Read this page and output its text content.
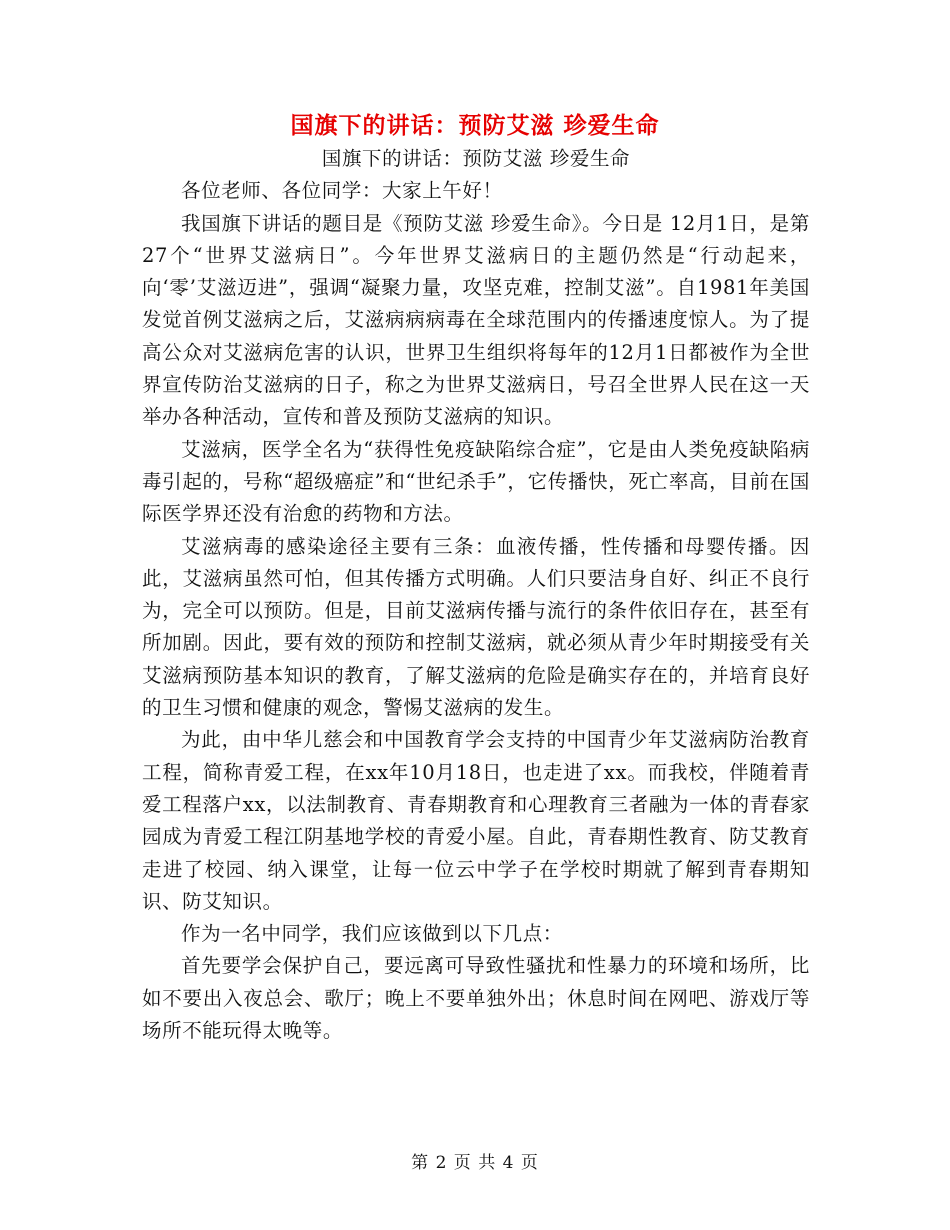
国旗下的讲话：预防艾滋 珍爱生命

国旗下的讲话：预防艾滋 珍爱生命

各位老师、各位同学：大家上午好！

我国旗下讲话的题目是《预防艾滋 珍爱生命》。今日是 12月1日，是第27个“世界艾滋病日”。今年世界艾滋病日的主题仍然是“行动起来，向‘零’艾滋迈进”，强调“凝聚力量，攻坚克难，控制艾滋”。自1981年美国发觉首例艾滋病之后，艾滋病病病毒在全球范围内的传播速度惊人。为了提高公众对艾滋病危害的认识，世界卫生组织将每年的12月1日都被作为全世界宣传防治艾滋病的日子，称之为世界艾滋病日，号召全世界人民在这一天举办各种活动，宣传和普及预防艾滋病的知识。

艾滋病，医学全名为“获得性免疫缺陷综合症”，它是由人类免疫缺陷病毒引起的，号称“超级癌症”和“世纪杀手”，它传播快，死亡率高，目前在国际医学界还没有治愈的药物和方法。

艾滋病毒的感染途径主要有三条：血液传播，性传播和母婴传播。因此，艾滋病虽然可怕，但其传播方式明确。人们只要洁身自好、纠正不良行为，完全可以预防。但是，目前艾滋病传播与流行的条件依旧存在，甚至有所加剧。因此，要有效的预防和控制艾滋病，就必须从青少年时期接受有关艾滋病预防基本知识的教育，了解艾滋病的危险是确实存在的，并培育良好的卫生习惯和健康的观念，警惕艾滋病的发生。

为此，由中华儿慈会和中国教育学会支持的中国青少年艾滋病防治教育工程，简称青爱工程，在xx年10月18日，也走进了xx。而我校，伴随着青爱工程落户xx，以法制教育、青春期教育和心理教育三者融为一体的青春家园成为青爱工程江阴基地学校的青爱小屋。自此，青春期性教育、防艾教育走进了校园、纳入课堂，让每一位云中学子在学校时期就了解到青春期知识、防艾知识。

作为一名中同学，我们应该做到以下几点：

首先要学会保护自己，要远离可导致性骚扰和性暴力的环境和场所，比如不要出入夜总会、歌厅；晚上不要单独外出；休息时间在网吧、游戏厅等场所不能玩得太晚等。

第 2 页 共 4 页
